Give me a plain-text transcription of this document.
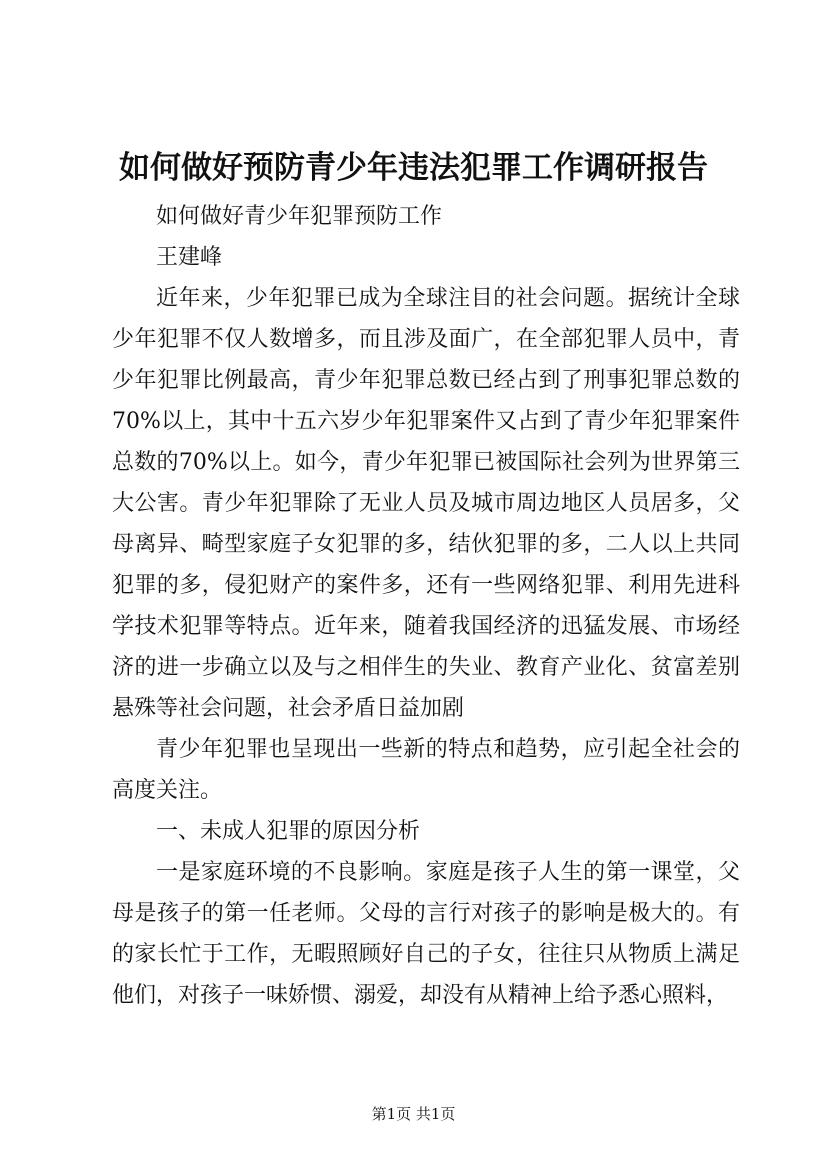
如何做好预防青少年违法犯罪工作调研报告

如何做好青少年犯罪预防工作

王建峰

近年来，少年犯罪已成为全球注目的社会问题。据统计全球少年犯罪不仅人数增多，而且涉及面广，在全部犯罪人员中，青少年犯罪比例最高，青少年犯罪总数已经占到了刑事犯罪总数的70%以上，其中十五六岁少年犯罪案件又占到了青少年犯罪案件总数的70%以上。如今，青少年犯罪已被国际社会列为世界第三大公害。青少年犯罪除了无业人员及城市周边地区人员居多，父母离异、畸型家庭子女犯罪的多，结伙犯罪的多，二人以上共同犯罪的多，侵犯财产的案件多，还有一些网络犯罪、利用先进科学技术犯罪等特点。近年来，随着我国经济的迅猛发展、市场经济的进一步确立以及与之相伴生的失业、教育产业化、贫富差别悬殊等社会问题，社会矛盾日益加剧

青少年犯罪也呈现出一些新的特点和趋势，应引起全社会的高度关注。

一、未成人犯罪的原因分析

一是家庭环境的不良影响。家庭是孩子人生的第一课堂，父母是孩子的第一任老师。父母的言行对孩子的影响是极大的。有的家长忙于工作，无暇照顾好自己的子女，往往只从物质上满足他们，对孩子一味娇惯、溺爱，却没有从精神上给予悉心照料，

第1页 共1页
